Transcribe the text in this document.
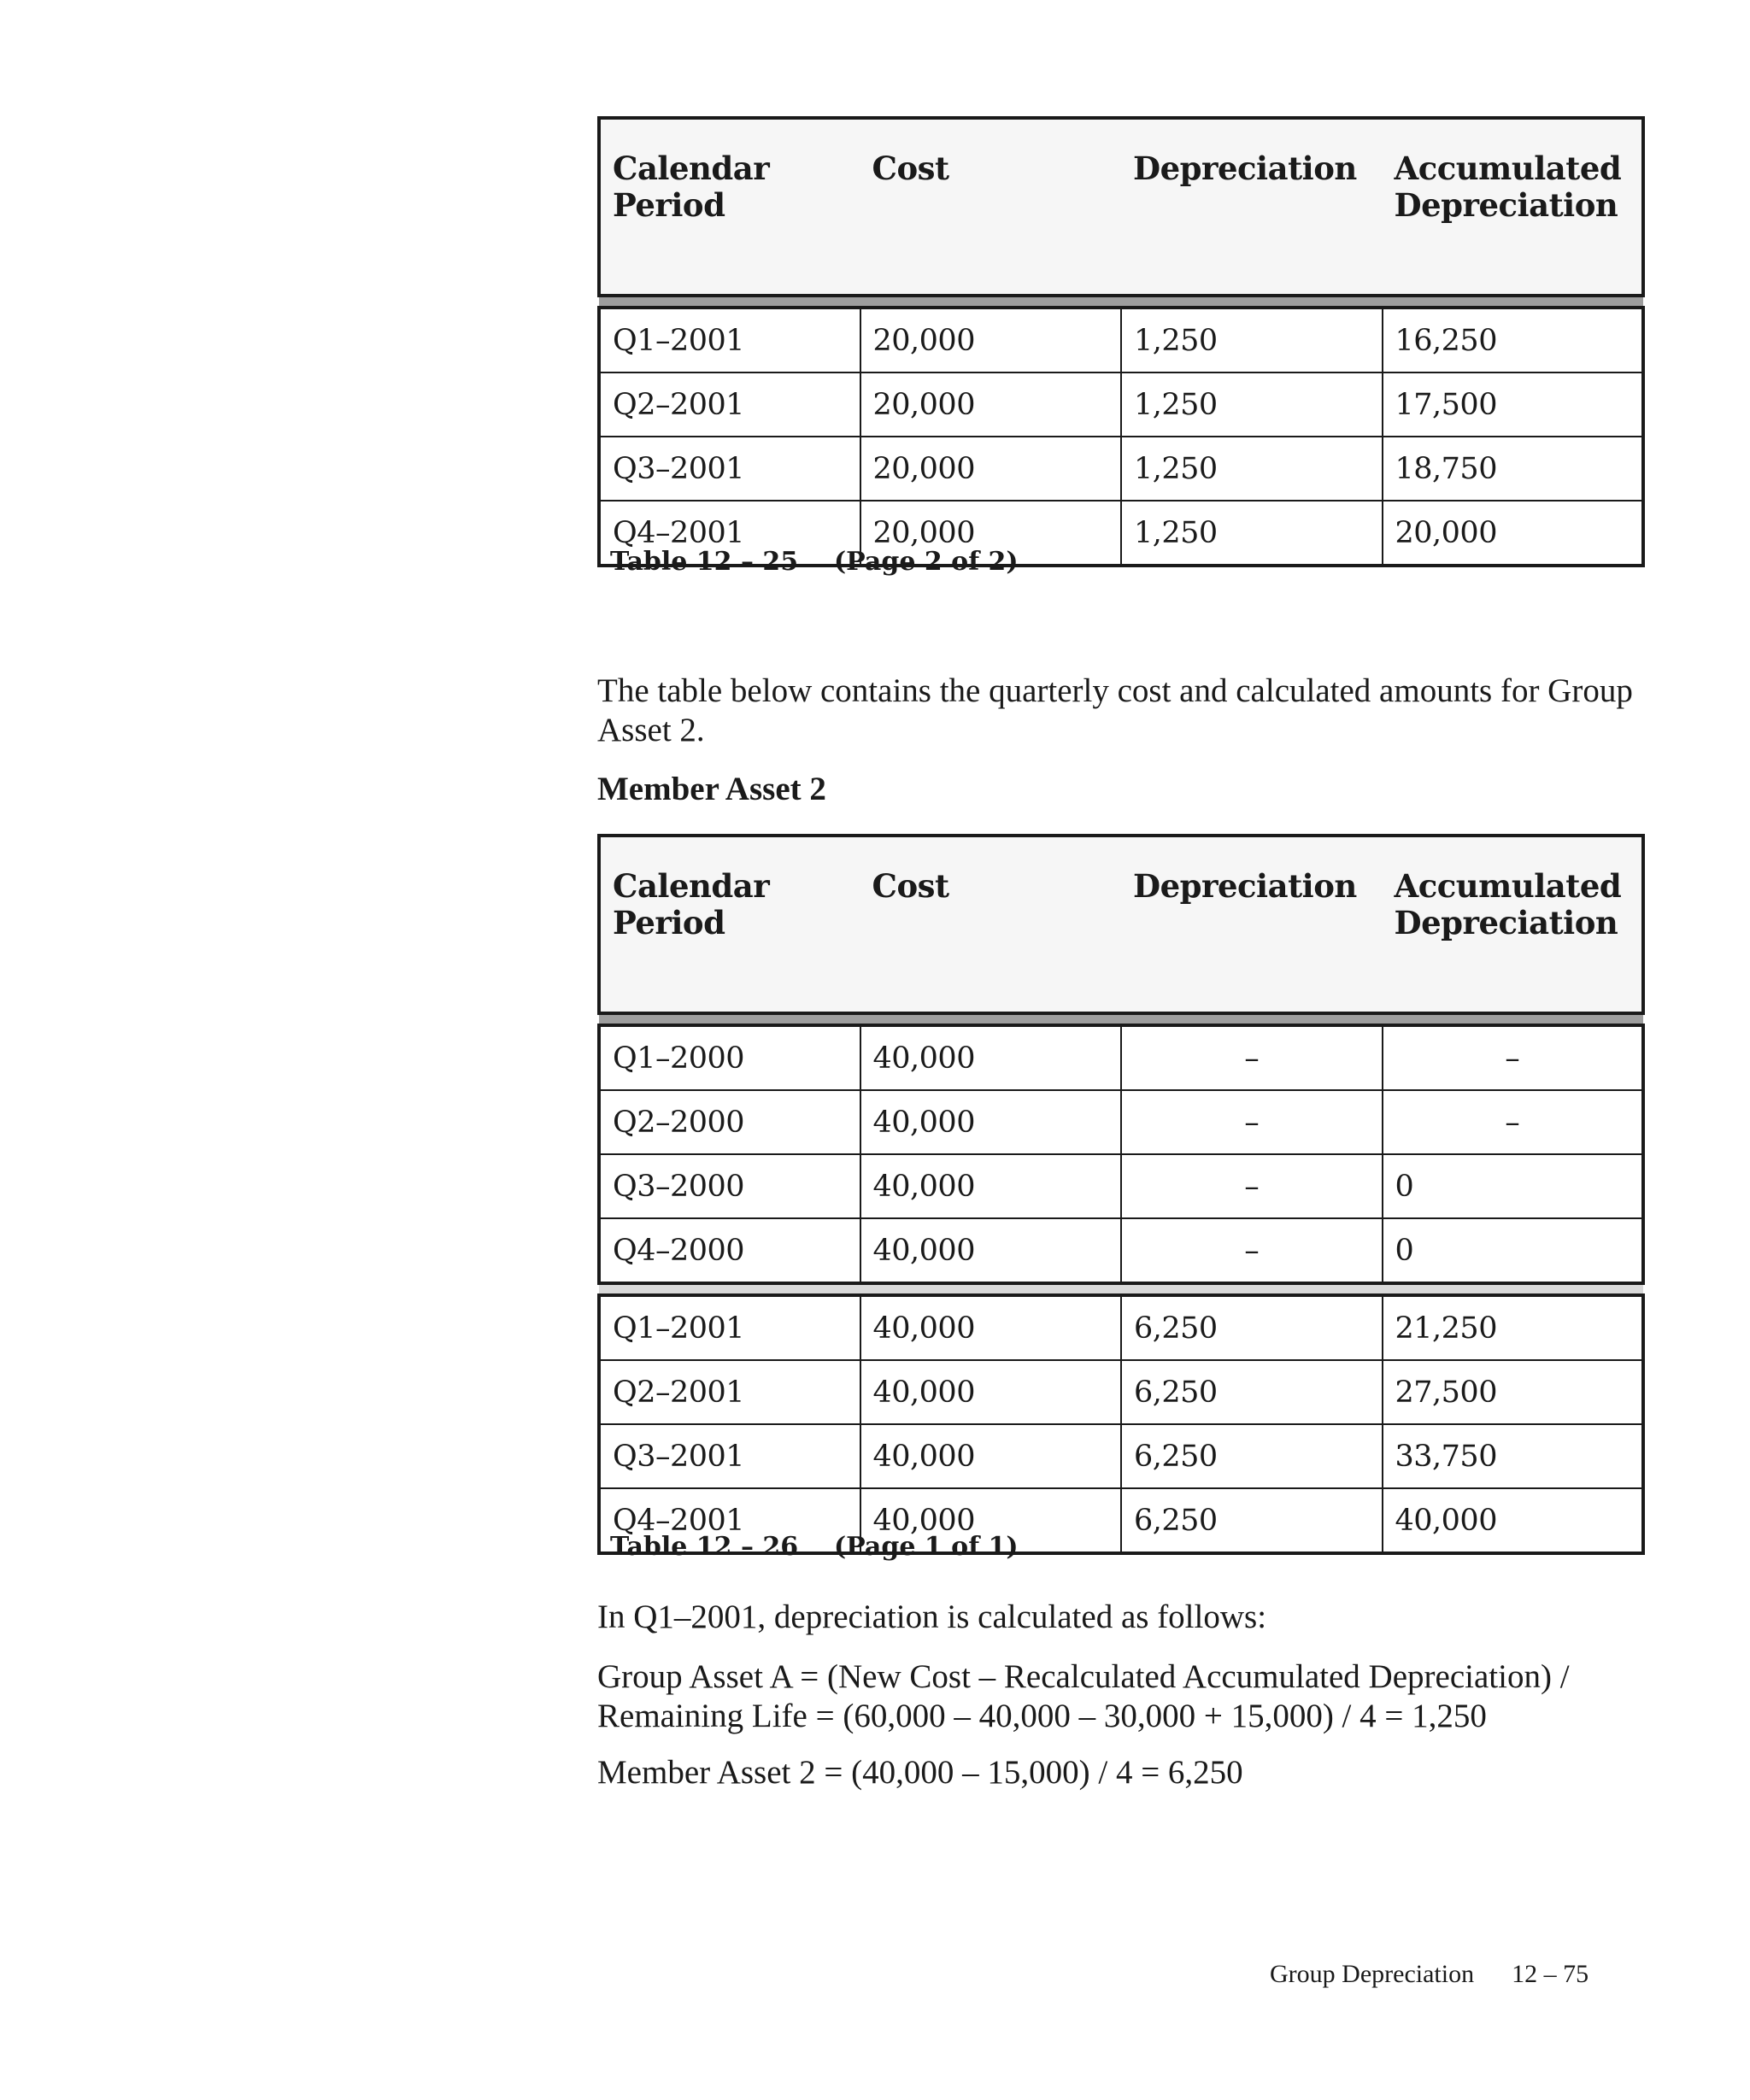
Calendar
Period	Cost	Depreciation	Accumulated
Depreciation

Q1–2001	20,000	1,250	16,250
Q2–2001	20,000	1,250	17,500
Q3–2001	20,000	1,250	18,750
Q4–2001	20,000	1,250	20,000
Table 12 – 25 (Page 2 of 2)

The table below contains the quarterly cost and calculated amounts for Group Asset 2.

Member Asset 2

Calendar
Period	Cost	Depreciation	Accumulated
Depreciation

Q1–2000	40,000	–	–
Q2–2000	40,000	–	–
Q3–2000	40,000	–	0
Q4–2000	40,000	–	0

Q1–2001	40,000	6,250	21,250
Q2–2001	40,000	6,250	27,500
Q3–2001	40,000	6,250	33,750
Q4–2001	40,000	6,250	40,000
Table 12 – 26 (Page 1 of 1)

In Q1–2001, depreciation is calculated as follows:

Group Asset A = (New Cost – Recalculated Accumulated Depreciation) / Remaining Life = (60,000 – 40,000 – 30,000 + 15,000) / 4 = 1,250

Member Asset 2 = (40,000 – 15,000) / 4 = 6,250

Group Depreciation 12 – 75
